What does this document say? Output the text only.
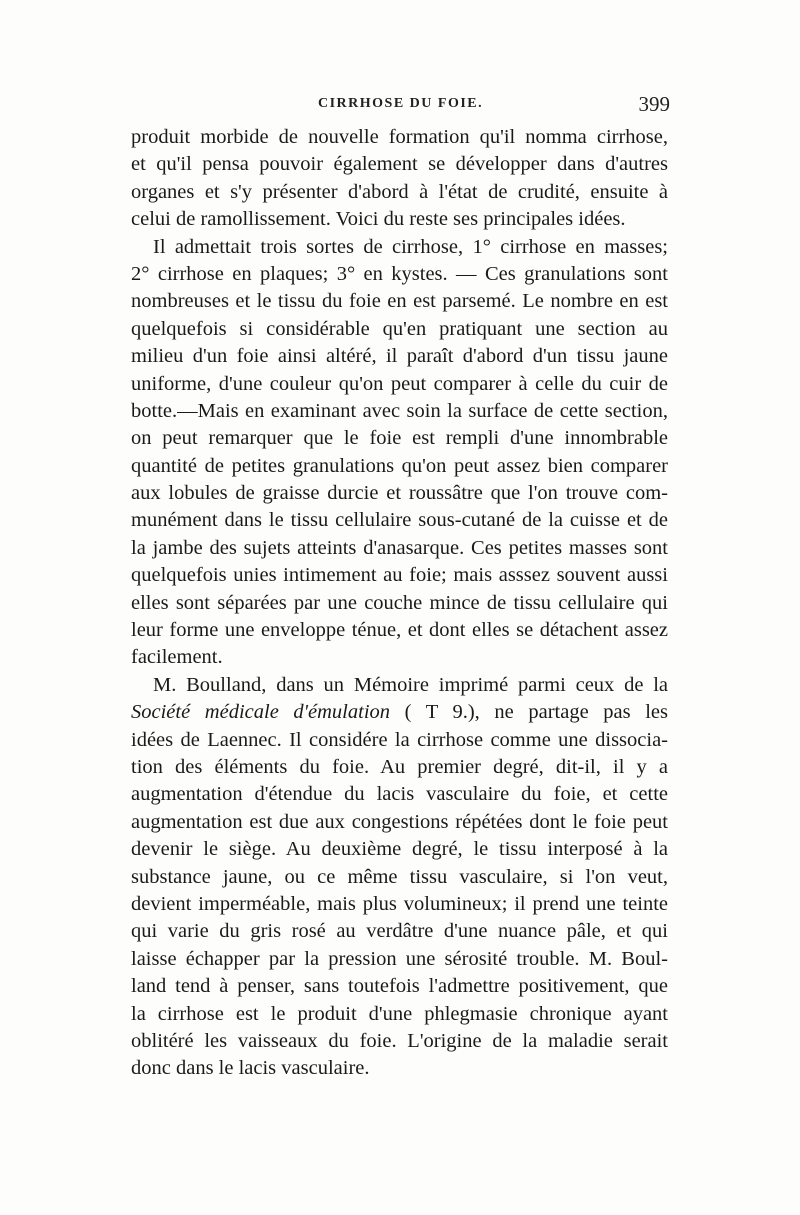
CIRRHOSE DU FOIE.	399
produit morbide de nouvelle formation qu'il nomma cirrhose,
et qu'il pensa pouvoir également se développer dans d'autres
organes et s'y présenter d'abord à l'état de crudité, ensuite à
celui de ramollissement. Voici du reste ses principales idées.
Il admettait trois sortes de cirrhose, 1° cirrhose en masses;
2° cirrhose en plaques; 3° en kystes. — Ces granulations sont
nombreuses et le tissu du foie en est parsemé. Le nombre en est
quelquefois si considérable qu'en pratiquant une section au
milieu d'un foie ainsi altéré, il paraît d'abord d'un tissu jaune
uniforme, d'une couleur qu'on peut comparer à celle du cuir de
botte.—Mais en examinant avec soin la surface de cette section,
on peut remarquer que le foie est rempli d'une innombrable
quantité de petites granulations qu'on peut assez bien comparer
aux lobules de graisse durcie et roussâtre que l'on trouve com-
munément dans le tissu cellulaire sous-cutané de la cuisse et de
la jambe des sujets atteints d'anasarque. Ces petites masses sont
quelquefois unies intimement au foie; mais asssez souvent aussi
elles sont séparées par une couche mince de tissu cellulaire qui
leur forme une enveloppe ténue, et dont elles se détachent assez
facilement.
M. Boulland, dans un Mémoire imprimé parmi ceux de la
Société médicale d'émulation ( T 9.), ne partage pas les
idées de Laennec. Il considére la cirrhose comme une dissocia-
tion des éléments du foie. Au premier degré, dit-il, il y a
augmentation d'étendue du lacis vasculaire du foie, et cette
augmentation est due aux congestions répétées dont le foie peut
devenir le siège. Au deuxième degré, le tissu interposé à la
substance jaune, ou ce même tissu vasculaire, si l'on veut,
devient imperméable, mais plus volumineux; il prend une teinte
qui varie du gris rosé au verdâtre d'une nuance pâle, et qui
laisse échapper par la pression une sérosité trouble. M. Boul-
land tend à penser, sans toutefois l'admettre positivement, que
la cirrhose est le produit d'une phlegmasie chronique ayant
oblitéré les vaisseaux du foie. L'origine de la maladie serait
donc dans le lacis vasculaire.
